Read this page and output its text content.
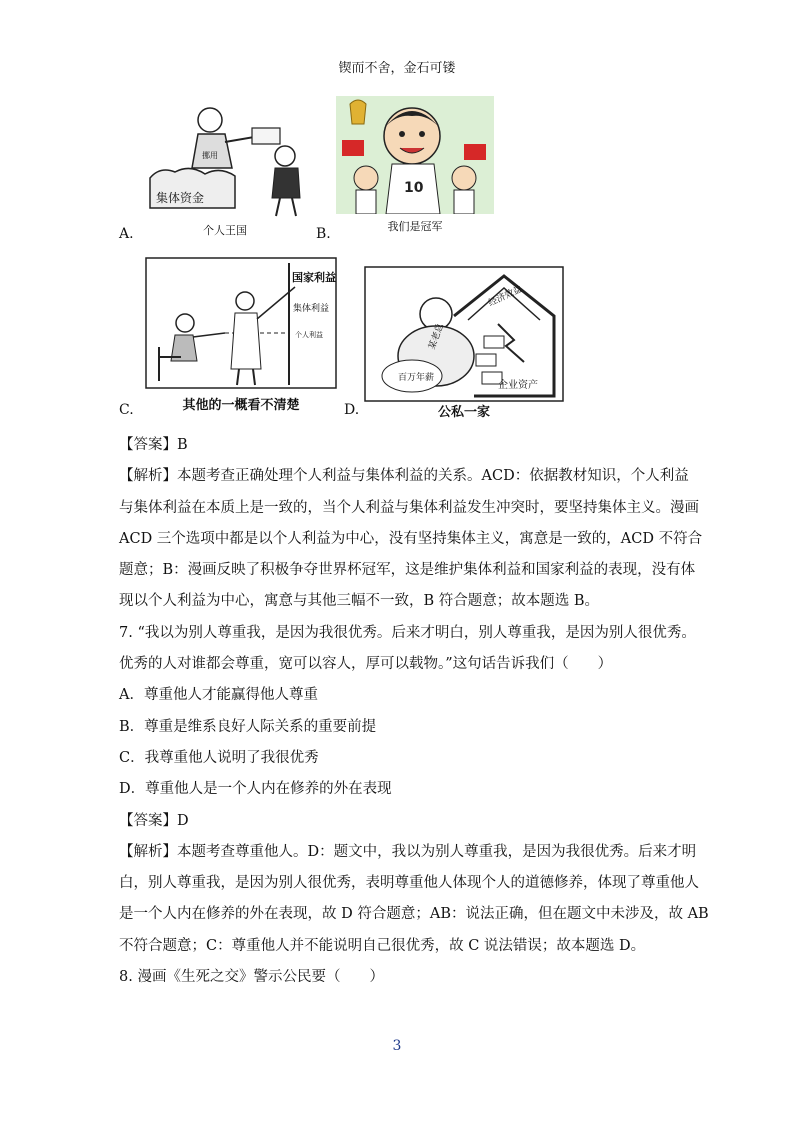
锲而不舍，金石可镂
A.
集体资金
挪用
个人王国	B.
10
我们是冠军
C.
国家利益
集体利益
个人利益
其他的一概看不清楚	D.
经济效益
企业资产
某老总
百万年薪
公私一家

【答案】B

【解析】本题考查正确处理个人利益与集体利益的关系。ACD：依据教材知识，个人利益

与集体利益在本质上是一致的，当个人利益与集体利益发生冲突时，要坚持集体主义。漫画

ACD 三个选项中都是以个人利益为中心，没有坚持集体主义，寓意是一致的，ACD 不符合

题意；B：漫画反映了积极争夺世界杯冠军，这是维护集体利益和国家利益的表现，没有体

现以个人利益为中心，寓意与其他三幅不一致，B 符合题意；故本题选 B。

7. “我以为别人尊重我，是因为我很优秀。后来才明白，别人尊重我，是因为别人很优秀。

优秀的人对谁都会尊重，宽可以容人，厚可以载物。”这句话告诉我们（　　）

A．尊重他人才能赢得他人尊重

B．尊重是维系良好人际关系的重要前提

C．我尊重他人说明了我很优秀

D．尊重他人是一个人内在修养的外在表现

【答案】D

【解析】本题考查尊重他人。D：题文中，我以为别人尊重我，是因为我很优秀。后来才明

白，别人尊重我，是因为别人很优秀，表明尊重他人体现个人的道德修养，体现了尊重他人

是一个人内在修养的外在表现，故 D 符合题意；AB：说法正确，但在题文中未涉及，故 AB

不符合题意；C：尊重他人并不能说明自己很优秀，故 C 说法错误；故本题选 D。

8. 漫画《生死之交》警示公民要（　　）

3
